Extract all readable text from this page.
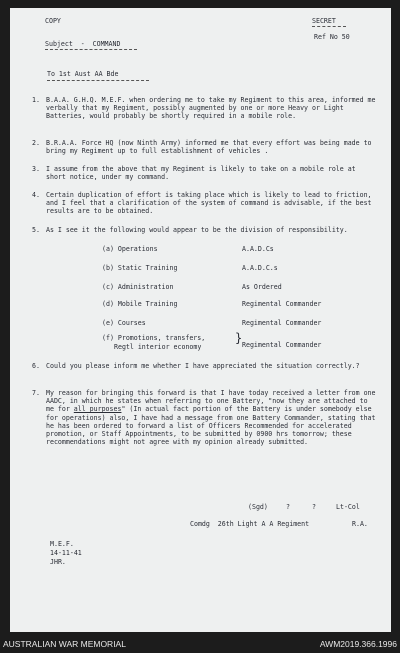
COPY	SECRET
Subject  -  COMMAND
Ref No 50
To 1st Aust AA Bde
1. B.A.A. G.H.Q. M.E.F. when ordering me to take my Regiment to this area, informed me verbally that my Regiment, possibly augmented by one or more Heavy or Light Batteries, would probably be shortly required in a mobile role.
2. B.R.A.A. Force HQ (now Ninth Army) informed me that every effort was being made to bring my Regiment up to full establishment of vehicles .
3. I assume from the above that my Regiment is likely to take on a mobile role at short notice, under my command.
4. Certain duplication of effort is taking place which is likely to lead to friction, and I feel that a clarification of the system of command is advisable, if the best results are to be obtained.
5. As I see it the following would appear to be the division of responsibility.
(a) Operations	A.A.D.Cs
(b) Static Training	A.A.D.C.s
(c) Administration	As Ordered
(d) Mobile Training	Regimental Commander
(e) Courses	Regimental Commander
(f) Promotions, transfers,
Regtl interior economy
} Regimental Commander
6. Could you please inform me whether I have appreciated the situation correctly.?
7. My reason for bringing this forward is that I have today received a letter from one AADC, in which he states when referring to one Battery, "now they are attached to me for all purposes" (In actual fact portion of the Battery is under somebody else for operations) also, I have had a message from one Battery Commander, stating that he has been ordered to forward a list of Officers Recommended for accelerated promotion, or Staff Appointments, to be submitted by 0900 hrs tomorrow; these recommendations might not agree with my opinion already submitted.
(Sgd)	?	?	Lt-Col
Comdg  26th Light A A Regiment	R.A.
M.E.F.
14-11-41
JHR.
AUSTRALIAN WAR MEMORIAL	AWM2019.366.1996
